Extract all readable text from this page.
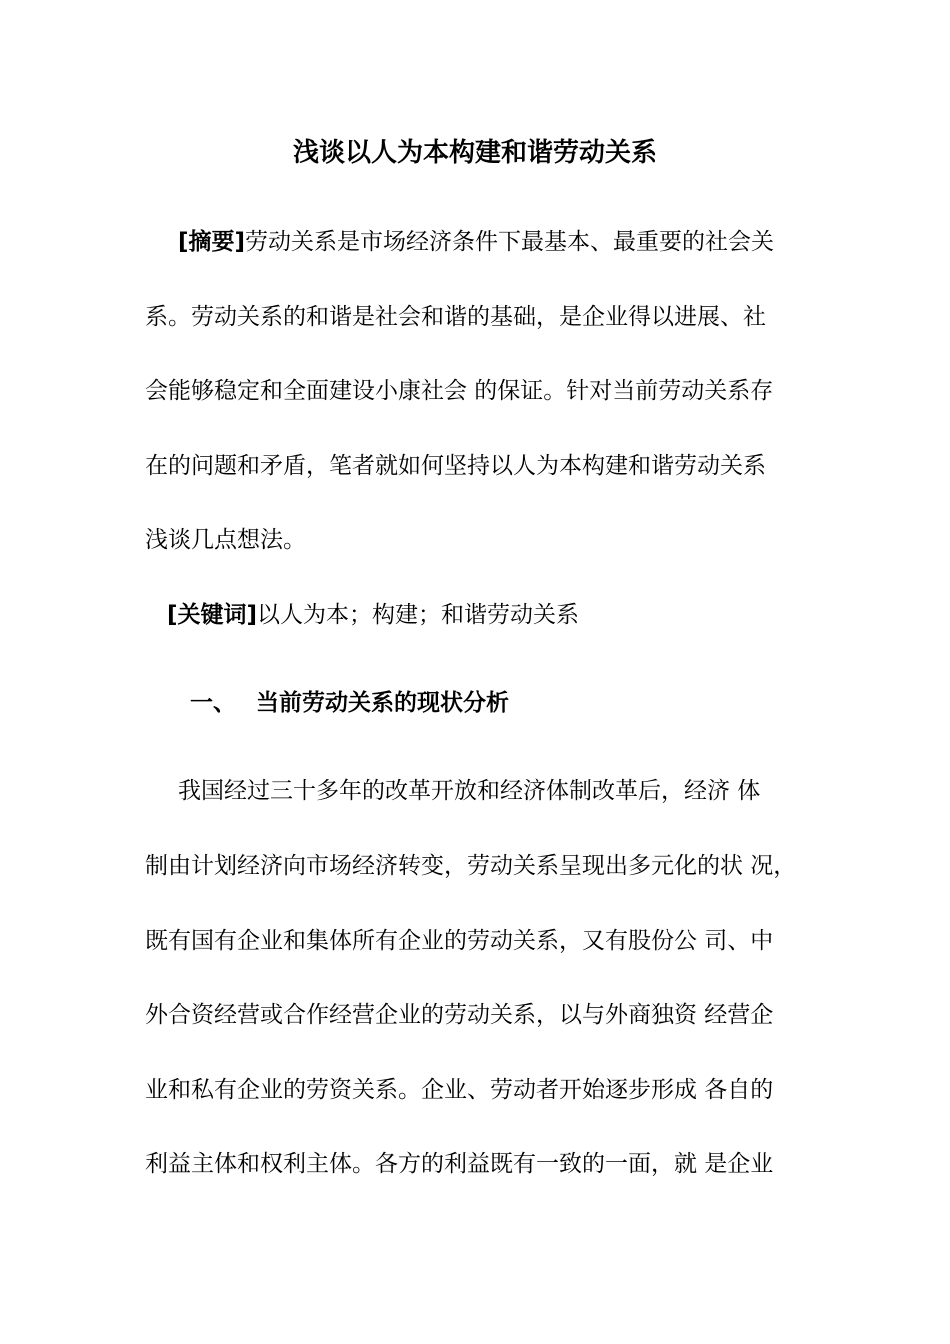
浅谈以人为本构建和谐劳动关系
[摘要]劳动关系是市场经济条件下最基本、最重要的社会关
系。劳动关系的和谐是社会和谐的基础，是企业得以进展、社
会能够稳定和全面建设小康社会 的保证。针对当前劳动关系存
在的问题和矛盾，笔者就如何坚持以人为本构建和谐劳动关系
浅谈几点想法。
[关键词]以人为本；构建；和谐劳动关系
一、 当前劳动关系的现状分析
我国经过三十多年的改革开放和经济体制改革后，经济 体
制由计划经济向市场经济转变，劳动关系呈现出多元化的状 况，
既有国有企业和集体所有企业的劳动关系，又有股份公 司、中
外合资经营或合作经营企业的劳动关系，以与外商独资 经营企
业和私有企业的劳资关系。企业、劳动者开始逐步形成 各自的
利益主体和权利主体。各方的利益既有一致的一面，就 是企业
